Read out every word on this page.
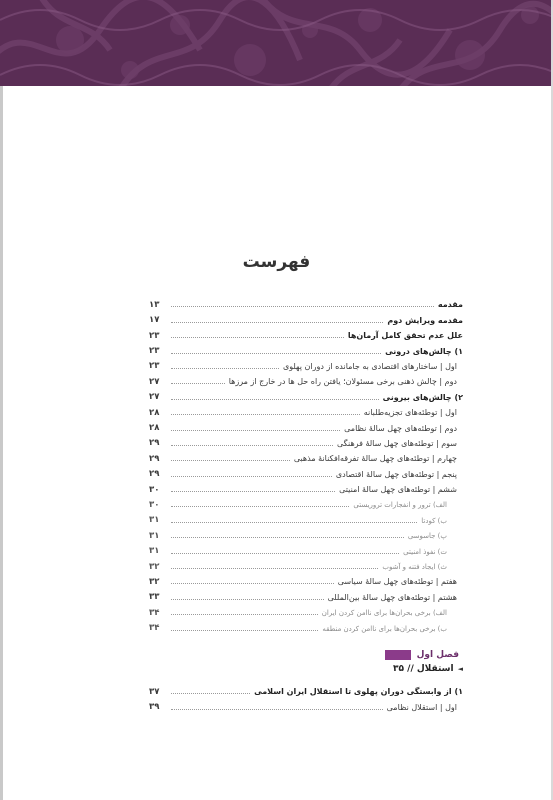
فهرست
مقدمه
۱۳
مقدمه ویرایش دوم
۱۷
علل عدم تحقق کامل آرمان‌ها
۲۳
۱) چالش‌های درونی
۲۳
اول | ساختارهای اقتصادی به جامانده از دوران پهلوی
۲۳
دوم | چالش ذهنی برخی مسئولان؛ یافتن راه حل ها در خارج از مرزها
۲۷
۲) چالش‌های بیرونی
۲۷
اول | توطئه‌های تجزیه‌طلبانه
۲۸
دوم | توطئه‌های چهل سالهٔ نظامی
۲۸
سوم | توطئه‌های چهل سالهٔ فرهنگی
۲۹
چهارم | توطئه‌های چهل سالهٔ تفرقه‌افکنانهٔ مذهبی
۲۹
پنجم | توطئه‌های چهل سالهٔ اقتصادی
۲۹
ششم | توطئه‌های چهل سالهٔ امنیتی
۳۰
الف) ترور و انفجارات تروریستی
۳۰
ب) کودتا
۳۱
پ) جاسوسی
۳۱
ت) نفوذ امنیتی
۳۱
ث) ایجاد فتنه و آشوب
۳۲
هفتم | توطئه‌های چهل سالهٔ سیاسی
۳۲
هشتم | توطئه‌های چهل سالهٔ بین‌المللی
۳۳
الف) برخی بحران‌ها برای ناامن کردن ایران
۳۴
ب) برخی بحران‌ها برای ناامن کردن منطقه
۳۴
فصل اول
◄
استقلال // ۳۵
۱) از وابستگی دوران پهلوی تا استقلال ایران اسلامی
۳۷
اول | استقلال نظامی
۳۹
